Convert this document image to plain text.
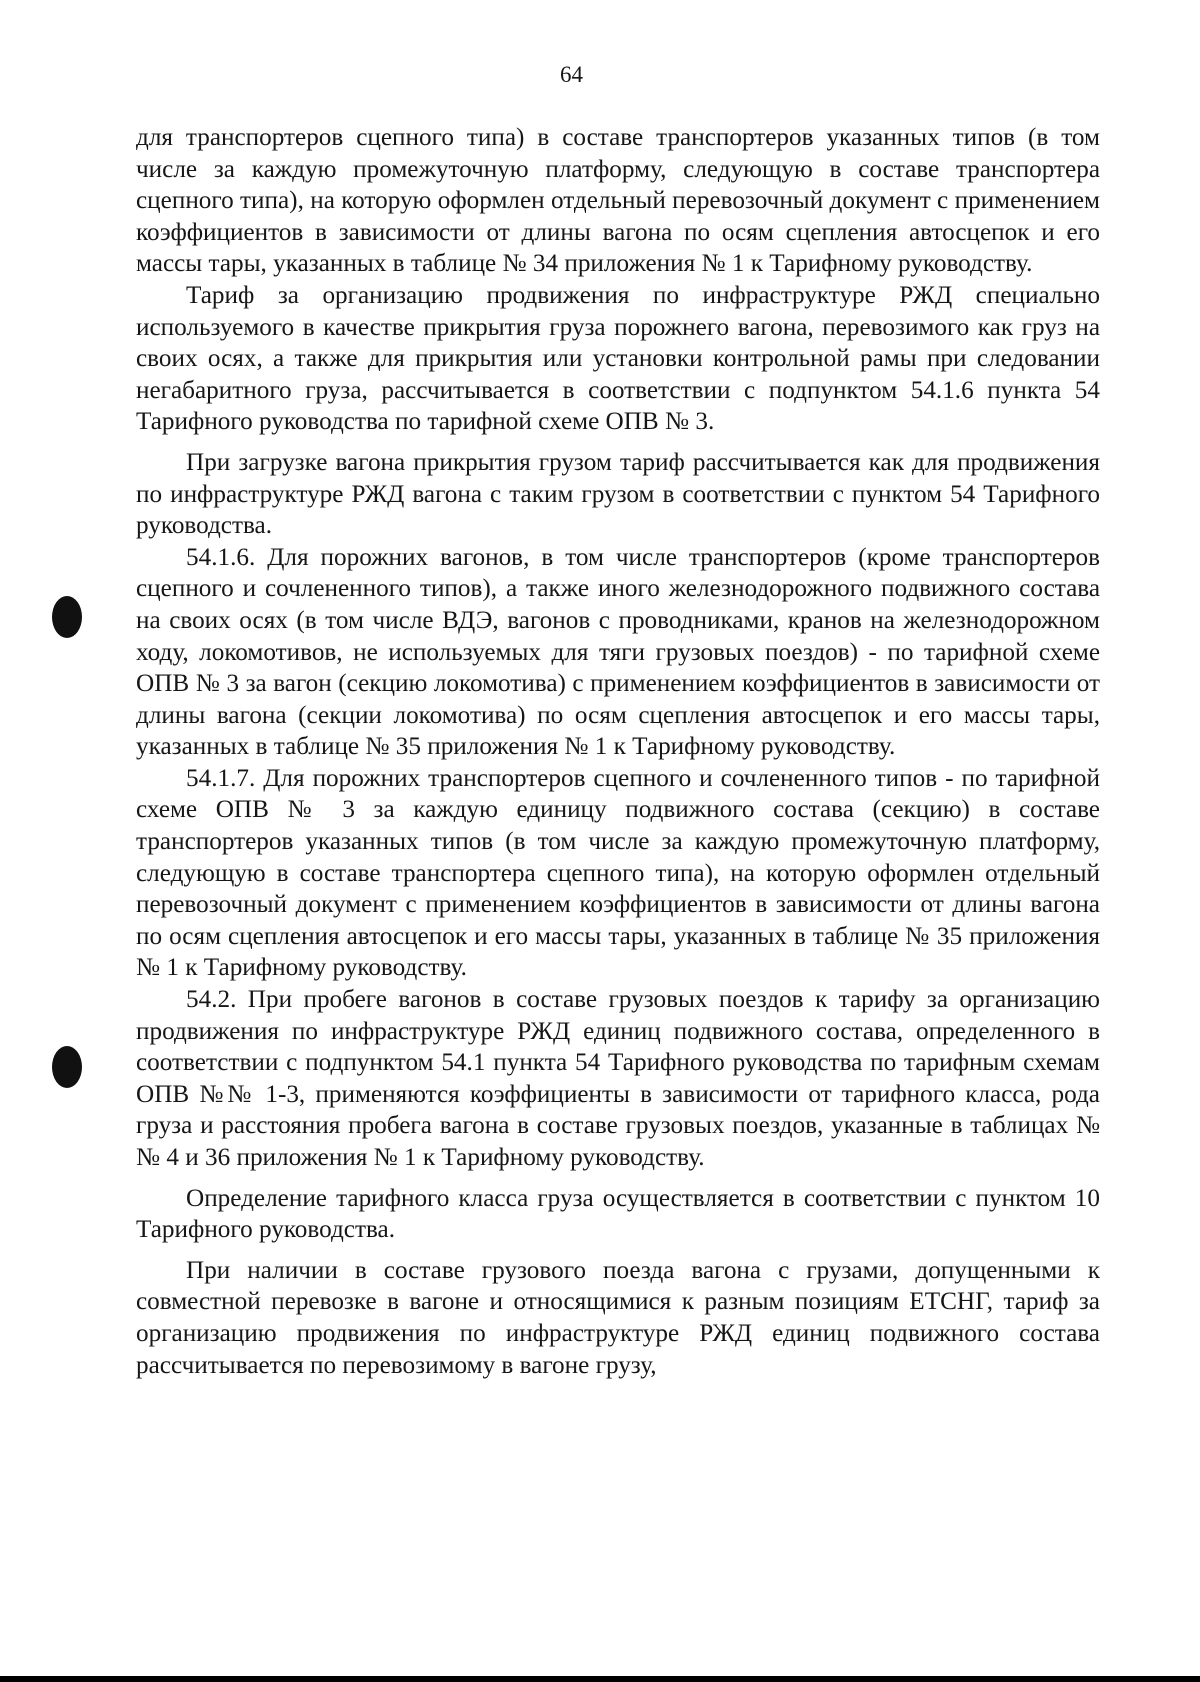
64

для транспортеров сцепного типа) в составе транспортеров указанных типов (в том числе за каждую промежуточную платформу, следующую в составе транспортера сцепного типа), на которую оформлен отдельный перевозочный документ с применением коэффициентов в зависимости от длины вагона по осям сцепления автосцепок и его массы тары, указанных в таблице № 34 приложения № 1 к Тарифному руководству.

Тариф за организацию продвижения по инфраструктуре РЖД специально используемого в качестве прикрытия груза порожнего вагона, перевозимого как груз на своих осях, а также для прикрытия или установки контрольной рамы при следовании негабаритного груза, рассчитывается в соответствии с подпунктом 54.1.6 пункта 54 Тарифного руководства по тарифной схеме ОПВ № 3.

При загрузке вагона прикрытия грузом тариф рассчитывается как для продвижения по инфраструктуре РЖД вагона с таким грузом в соответствии с пунктом 54 Тарифного руководства.

54.1.6. Для порожних вагонов, в том числе транспортеров (кроме транспортеров сцепного и сочлененного типов), а также иного железнодорожного подвижного состава на своих осях (в том числе ВДЭ, вагонов с проводниками, кранов на железнодорожном ходу, локомотивов, не используемых для тяги грузовых поездов) - по тарифной схеме ОПВ № 3 за вагон (секцию локомотива) с применением коэффициентов в зависимости от длины вагона (секции локомотива) по осям сцепления автосцепок и его массы тары, указанных в таблице № 35 приложения № 1 к Тарифному руководству.

54.1.7. Для порожних транспортеров сцепного и сочлененного типов - по тарифной схеме ОПВ № 3 за каждую единицу подвижного состава (секцию) в составе транспортеров указанных типов (в том числе за каждую промежуточную платформу, следующую в составе транспортера сцепного типа), на которую оформлен отдельный перевозочный документ с применением коэффициентов в зависимости от длины вагона по осям сцепления автосцепок и его массы тары, указанных в таблице № 35 приложения № 1 к Тарифному руководству.

54.2. При пробеге вагонов в составе грузовых поездов к тарифу за организацию продвижения по инфраструктуре РЖД единиц подвижного состава, определенного в соответствии с подпунктом 54.1 пункта 54 Тарифного руководства по тарифным схемам ОПВ №№ 1-3, применяются коэффициенты в зависимости от тарифного класса, рода груза и расстояния пробега вагона в составе грузовых поездов, указанные в таблицах №№ 4 и 36 приложения № 1 к Тарифному руководству.

Определение тарифного класса груза осуществляется в соответствии с пунктом 10 Тарифного руководства.

При наличии в составе грузового поезда вагона с грузами, допущенными к совместной перевозке в вагоне и относящимися к разным позициям ЕТСНГ, тариф за организацию продвижения по инфраструктуре РЖД единиц подвижного состава рассчитывается по перевозимому в вагоне грузу,
